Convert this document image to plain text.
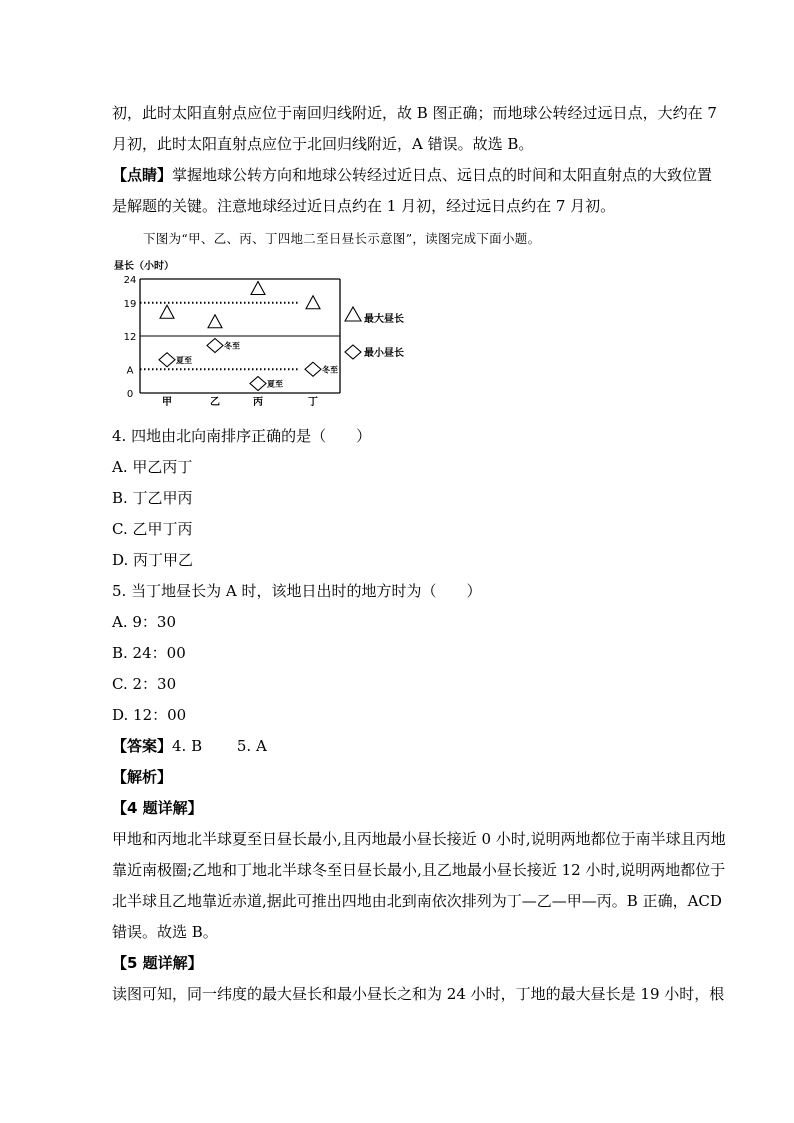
初，此时太阳直射点应位于南回归线附近，故 B 图正确；而地球公转经过远日点，大约在 7
月初，此时太阳直射点应位于北回归线附近，A 错误。故选 B。
【点睛】掌握地球公转方向和地球公转经过近日点、远日点的时间和太阳直射点的大致位置
是解题的关键。注意地球经过近日点约在 1 月初，经过远日点约在 7 月初。
下图为“甲、乙、丙、丁四地二至日昼长示意图”，读图完成下面小题。
昼长（小时）
24
19
12
A
0
甲	乙	丙	丁
夏至
冬至
夏至
冬至
最大昼长
最小昼长
4. 四地由北向南排序正确的是（　　）
A. 甲乙丙丁
B. 丁乙甲丙
C. 乙甲丁丙
D. 丙丁甲乙
5. 当丁地昼长为 A 时，该地日出时的地方时为（　　）
A. 9：30
B. 24：00
C. 2：30
D. 12：00
【答案】4. B　　 5. A
【解析】
【4 题详解】
甲地和丙地北半球夏至日昼长最小,且丙地最小昼长接近 0 小时,说明两地都位于南半球且丙地
靠近南极圈;乙地和丁地北半球冬至日昼长最小,且乙地最小昼长接近 12 小时,说明两地都位于
北半球且乙地靠近赤道,据此可推出四地由北到南依次排列为丁—乙—甲—丙。B 正确，ACD
错误。故选 B。
【5 题详解】
读图可知，同一纬度的最大昼长和最小昼长之和为 24 小时，丁地的最大昼长是 19 小时，根
